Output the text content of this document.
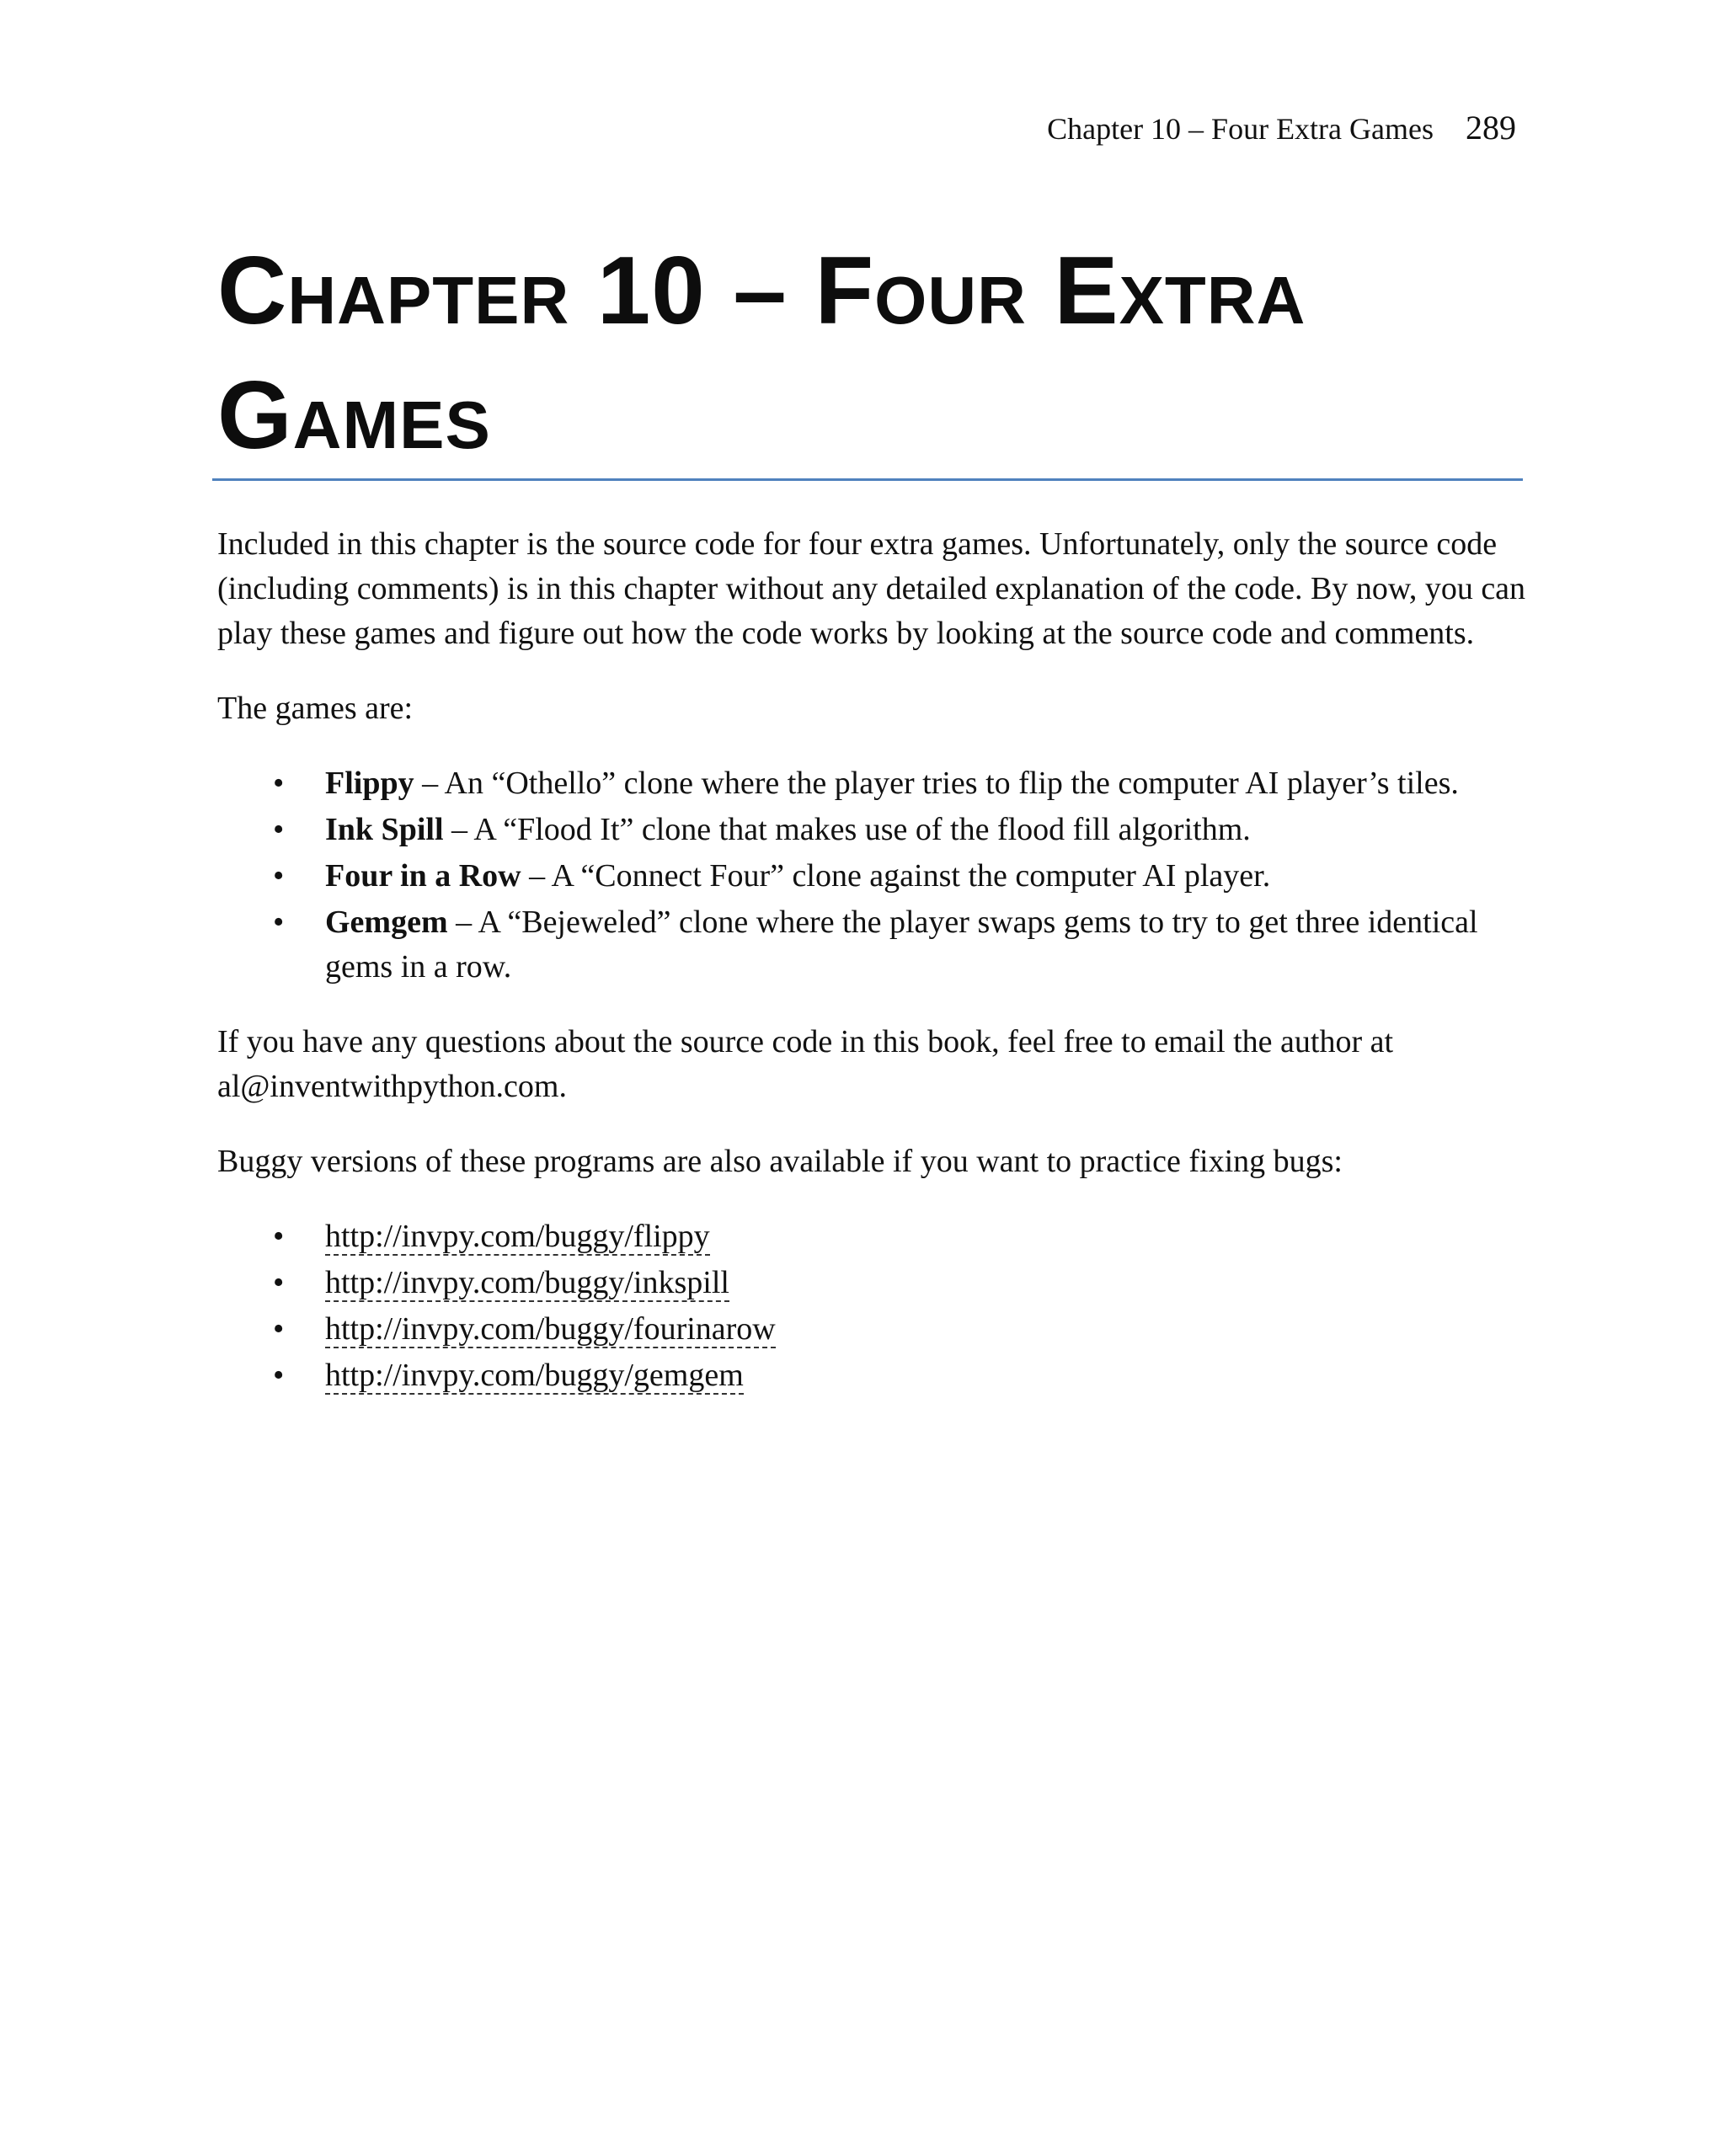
Chapter 10 – Four Extra Games 289
Chapter 10 – Four Extra Games

Included in this chapter is the source code for four extra games. Unfortunately, only the source code (including comments) is in this chapter without any detailed explanation of the code. By now, you can play these games and figure out how the code works by looking at the source code and comments.

The games are:

• Flippy – An “Othello” clone where the player tries to flip the computer AI player’s tiles.
• Ink Spill – A “Flood It” clone that makes use of the flood fill algorithm.
• Four in a Row – A “Connect Four” clone against the computer AI player.
• Gemgem – A “Bejeweled” clone where the player swaps gems to try to get three identical gems in a row.

If you have any questions about the source code in this book, feel free to email the author at al@inventwithpython.com.

Buggy versions of these programs are also available if you want to practice fixing bugs:

• http://invpy.com/buggy/flippy
• http://invpy.com/buggy/inkspill
• http://invpy.com/buggy/fourinarow
• http://invpy.com/buggy/gemgem
